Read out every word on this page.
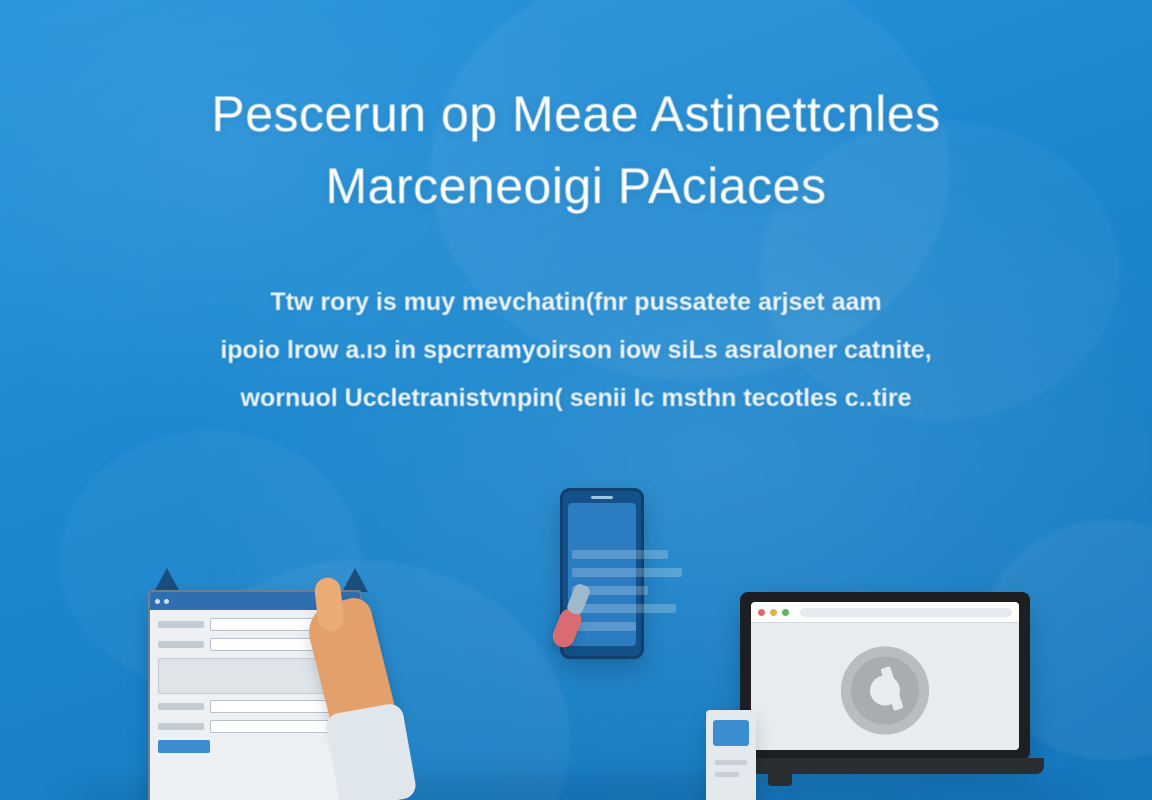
Pescerun op Meae Astinettcnles
Marceneoigi PAciaces
Ttw rory is muy mevchatin(fnr pussatete arjset aam
ipoio lrow a.ıɔ in spcrramyoirson iow siLs asraloner catnite,
wornuol Uccletranistvnpin( senii Ic msthn tecotles c..tire
